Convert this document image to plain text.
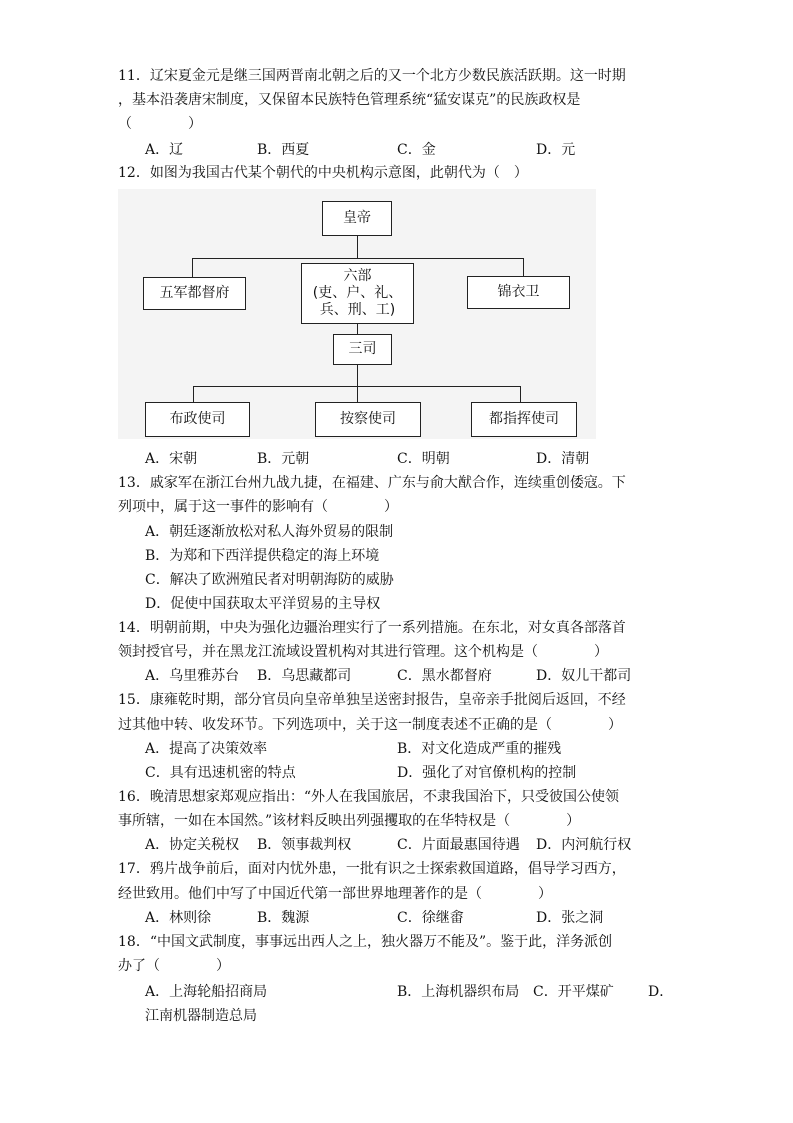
11．辽宋夏金元是继三国两晋南北朝之后的又一个北方少数民族活跃期。这一时期
，基本沿袭唐宋制度，又保留本民族特色管理系统“猛安谋克”的民族政权是
（　　　　）
A．辽	B．西夏	C．金	D．元
12．如图为我国古代某个朝代的中央机构示意图，此朝代为（　）
皇帝
五军都督府
六部
(吏、户、礼、
兵、刑、工)
锦衣卫
三司
布政使司	按察使司	都指挥使司
A．宋朝	B．元朝	C．明朝	D．清朝
13．戚家军在浙江台州九战九捷，在福建、广东与俞大猷合作，连续重创倭寇。下
列项中，属于这一事件的影响有（　　　　）
A．朝廷逐渐放松对私人海外贸易的限制
B．为郑和下西洋提供稳定的海上环境
C．解决了欧洲殖民者对明朝海防的威胁
D．促使中国获取太平洋贸易的主导权
14．明朝前期，中央为强化边疆治理实行了一系列措施。在东北，对女真各部落首
领封授官号，并在黑龙江流域设置机构对其进行管理。这个机构是（　　　　）
A．乌里雅苏台 B．乌思藏都司	C．黑水都督府	D．奴儿干都司
15．康雍乾时期，部分官员向皇帝单独呈送密封报告，皇帝亲手批阅后返回，不经
过其他中转、收发环节。下列选项中，关于这一制度表述不正确的是（　　　　）
A．提高了决策效率	B．对文化造成严重的摧残
C．具有迅速机密的特点	D．强化了对官僚机构的控制
16．晚清思想家郑观应指出：“外人在我国旅居，不隶我国治下，只受彼国公使领
事所辖，一如在本国然。”该材料反映出列强攫取的在华特权是（　　　　）
A．协定关税权 B．领事裁判权	C．片面最惠国待遇 D．内河航行权
17．鸦片战争前后，面对内忧外患，一批有识之士探索救国道路，倡导学习西方，
经世致用。他们中写了中国近代第一部世界地理著作的是（　　　　）
A．林则徐	B．魏源	C．徐继畬	D．张之洞
18．“中国文武制度，事事远出西人之上，独火器万不能及”。鉴于此，洋务派创
办了（　　　　）
A．上海轮船招商局	B．上海机器织布局 C．开平煤矿 D．
江南机器制造总局
